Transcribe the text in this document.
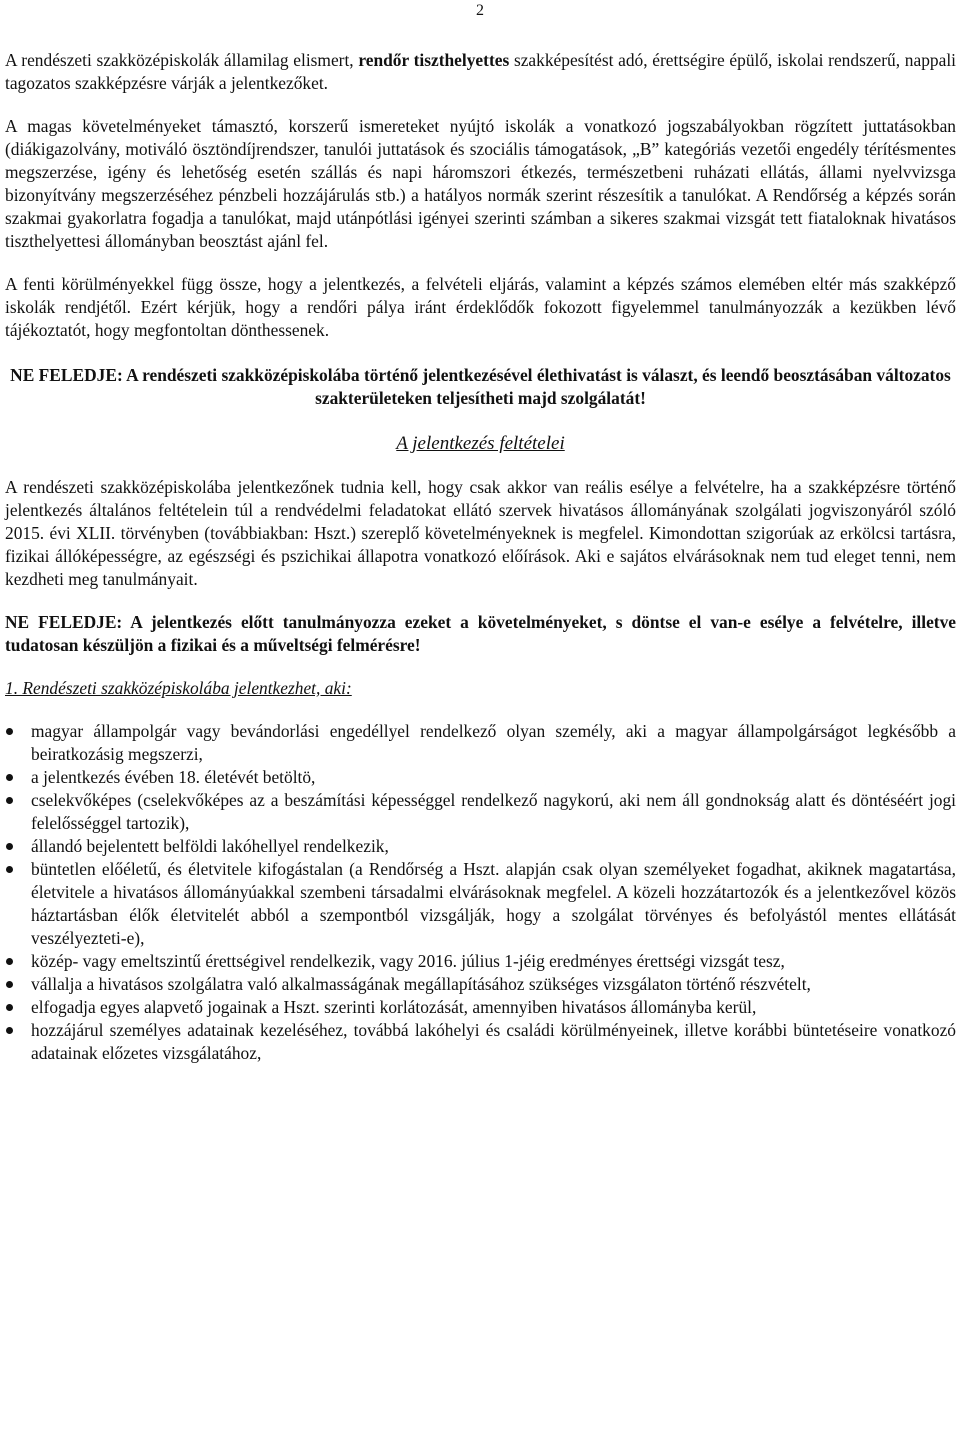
2

A rendészeti szakközépiskolák államilag elismert, rendőr tiszthelyettes szakképesítést adó, érettségire épülő, iskolai rendszerű, nappali tagozatos szakképzésre várják a jelentkezőket.

A magas követelményeket támasztó, korszerű ismereteket nyújtó iskolák a vonatkozó jogszabályokban rögzített juttatásokban (diákigazolvány, motiváló ösztöndíjrendszer, tanulói juttatások és szociális támogatások, „B” kategóriás vezetői engedély térítésmentes megszerzése, igény és lehetőség esetén szállás és napi háromszori étkezés, természetbeni ruházati ellátás, állami nyelvvizsga bizonyítvány megszerzéséhez pénzbeli hozzájárulás stb.) a hatályos normák szerint részesítik a tanulókat. A Rendőrség a képzés során szakmai gyakorlatra fogadja a tanulókat, majd utánpótlási igényei szerinti számban a sikeres szakmai vizsgát tett fiataloknak hivatásos tiszthelyettesi állományban beosztást ajánl fel.

A fenti körülményekkel függ össze, hogy a jelentkezés, a felvételi eljárás, valamint a képzés számos elemében eltér más szakképző iskolák rendjétől. Ezért kérjük, hogy a rendőri pálya iránt érdeklődők fokozott figyelemmel tanulmányozzák a kezükben lévő tájékoztatót, hogy megfontoltan dönthessenek.

NE FELEDJE: A rendészeti szakközépiskolába történő jelentkezésével élethivatást is választ, és leendő beosztásában változatos szakterületeken teljesítheti majd szolgálatát!

A jelentkezés feltételei

A rendészeti szakközépiskolába jelentkezőnek tudnia kell, hogy csak akkor van reális esélye a felvételre, ha a szakképzésre történő jelentkezés általános feltételein túl a rendvédelmi feladatokat ellátó szervek hivatásos állományának szolgálati jogviszonyáról szóló 2015. évi XLII. törvényben (továbbiakban: Hszt.) szereplő követelményeknek is megfelel. Kimondottan szigorúak az erkölcsi tartásra, fizikai állóképességre, az egészségi és pszichikai állapotra vonatkozó előírások. Aki e sajátos elvárásoknak nem tud eleget tenni, nem kezdheti meg tanulmányait.

NE FELEDJE: A jelentkezés előtt tanulmányozza ezeket a követelményeket, s döntse el van-e esélye a felvételre, illetve tudatosan készüljön a fizikai és a műveltségi felmérésre!

1. Rendészeti szakközépiskolába jelentkezhet, aki:

magyar állampolgár vagy bevándorlási engedéllyel rendelkező olyan személy, aki a magyar állampolgárságot legkésőbb a beiratkozásig megszerzi,
a jelentkezés évében 18. életévét betöltö,
cselekvőképes (cselekvőképes az a beszámítási képességgel rendelkező nagykorú, aki nem áll gondnokság alatt és döntéséért jogi felelősséggel tartozik),
állandó bejelentett belföldi lakóhellyel rendelkezik,
büntetlen előéletű, és életvitele kifogástalan (a Rendőrség a Hszt. alapján csak olyan személyeket fogadhat, akiknek magatartása, életvitele a hivatásos állományúakkal szembeni társadalmi elvárásoknak megfelel. A közeli hozzátartozók és a jelentkezővel közös háztartásban élők életvitelét abból a szempontból vizsgálják, hogy a szolgálat törvényes és befolyástól mentes ellátását veszélyezteti-e),
közép- vagy emeltszintű érettségivel rendelkezik, vagy 2016. július 1-jéig eredményes érettségi vizsgát tesz,
vállalja a hivatásos szolgálatra való alkalmasságának megállapításához szükséges vizsgálaton történő részvételt,
elfogadja egyes alapvető jogainak a Hszt. szerinti korlátozását, amennyiben hivatásos állományba kerül,
hozzájárul személyes adatainak kezeléséhez, továbbá lakóhelyi és családi körülményeinek, illetve korábbi büntetéseire vonatkozó adatainak előzetes vizsgálatához,
